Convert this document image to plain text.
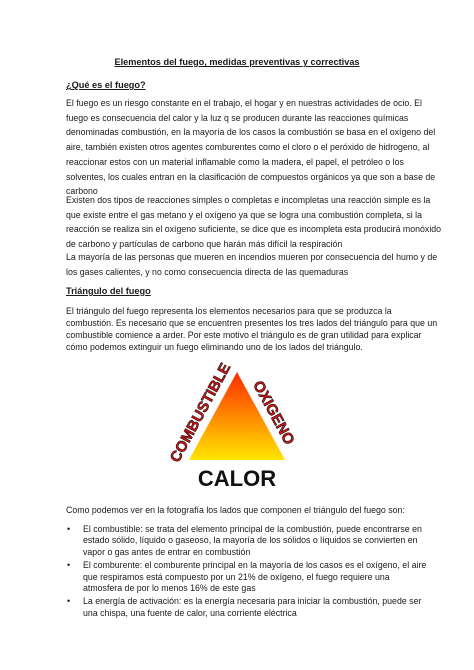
Elementos del fuego, medidas preventivas y correctivas
¿Qué es el fuego?
El fuego es un riesgo constante en el trabajo, el hogar y en nuestras actividades de ocio. El
fuego es consecuencia del calor y la luz q se producen durante las reacciones químicas
denominadas combustión, en la mayoría de los casos la combustión se basa en el oxígeno del
aire, también existen otros agentes comburentes como el cloro o el peróxido de hidrogeno, al
reaccionar estos con un material inflamable como la madera, el papel, el petróleo o los
solventes, los cuales entran en la clasificación de compuestos orgánicos ya que son a base de
carbono
Existen dos tipos de reacciones simples o completas e incompletas una reacción simple es la
que existe entre el gas metano y el oxígeno ya que se logra una combustión completa, si la
reacción se realiza sin el oxígeno suficiente, se dice que es incompleta esta producirá monóxido
de carbono y partículas de carbono que harán más difícil la respiración
La mayoría de las personas que mueren en incendios mueren por consecuencia del humo y de
los gases calientes, y no como consecuencia directa de las quemaduras
Triángulo del fuego
El triángulo del fuego representa los elementos necesarios para que se produzca la
combustión. Es necesario que se encuentren presentes los tres lados del triángulo para que un
combustible comience a arder. Por este motivo el triángulo es de gran utilidad para explicar
cómo podemos extinguir un fuego eliminando uno de los lados del triángulo.
COMBUSTIBLE
OXIGENO
CALOR
Como podemos ver en la fotografía los lados que componen el triángulo del fuego son:
• El combustible: se trata del elemento principal de la combustión, puede encontrarse en
estado sólido, líquido o gaseoso, la mayoría de los sólidos o líquidos se convierten en
vapor o gas antes de entrar en combustión
• El comburente: el comburente principal en la mayoría de los casos es el oxígeno, el aire
que respiramos está compuesto por un 21% de oxígeno, el fuego requiere una
atmosfera de por lo menos 16% de este gas
• La energía de activación: es la energía necesaria para iniciar la combustión, puede ser
una chispa, una fuente de calor, una corriente eléctrica
